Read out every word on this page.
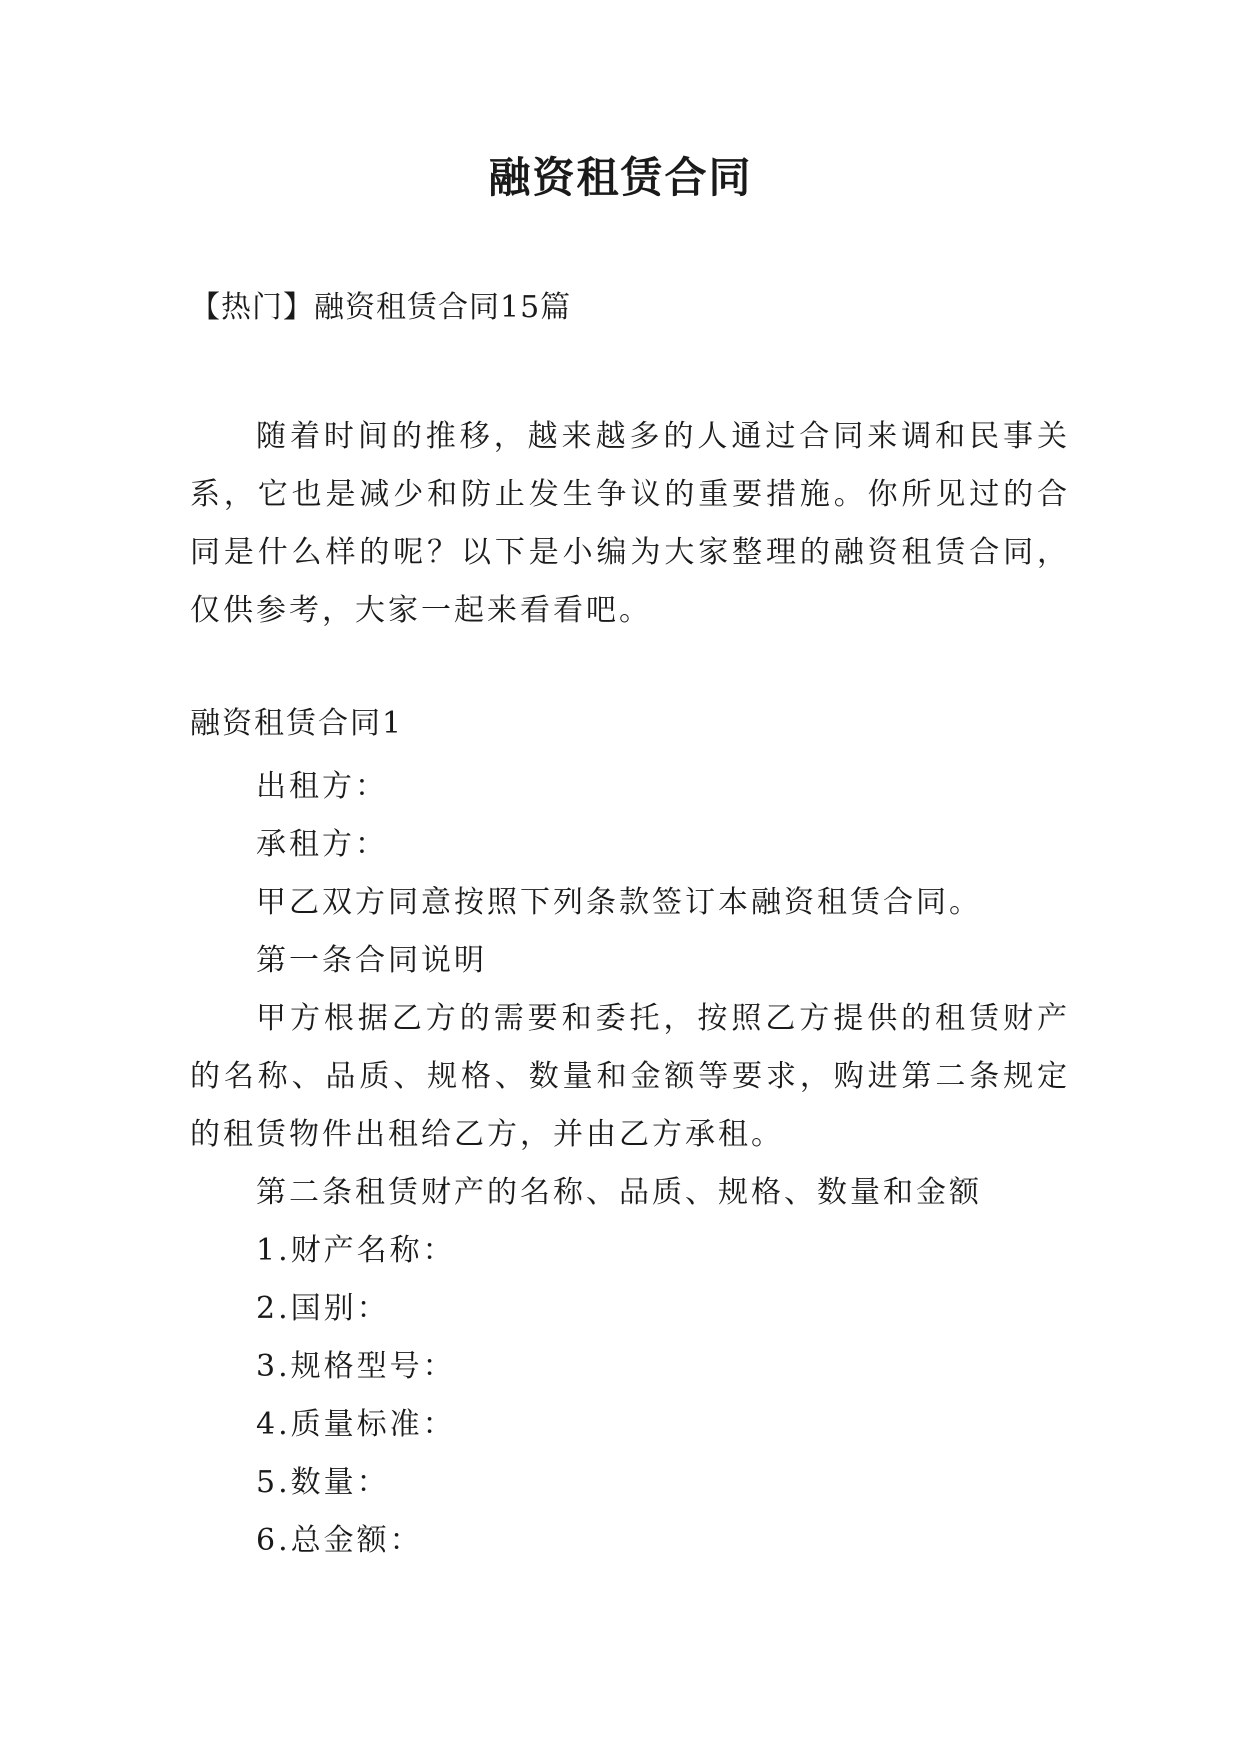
融资租赁合同
【热门】融资租赁合同15篇

随着时间的推移，越来越多的人通过合同来调和民事关系，它也是减少和防止发生争议的重要措施。你所见过的合同是什么样的呢？以下是小编为大家整理的融资租赁合同，仅供参考，大家一起来看看吧。

融资租赁合同1

出租方：

承租方：

甲乙双方同意按照下列条款签订本融资租赁合同。

第一条合同说明

甲方根据乙方的需要和委托，按照乙方提供的租赁财产的名称、品质、规格、数量和金额等要求，购进第二条规定的租赁物件出租给乙方，并由乙方承租。

第二条租赁财产的名称、品质、规格、数量和金额

1.财产名称：

2.国别：

3.规格型号：

4.质量标准：

5.数量：

6.总金额：
